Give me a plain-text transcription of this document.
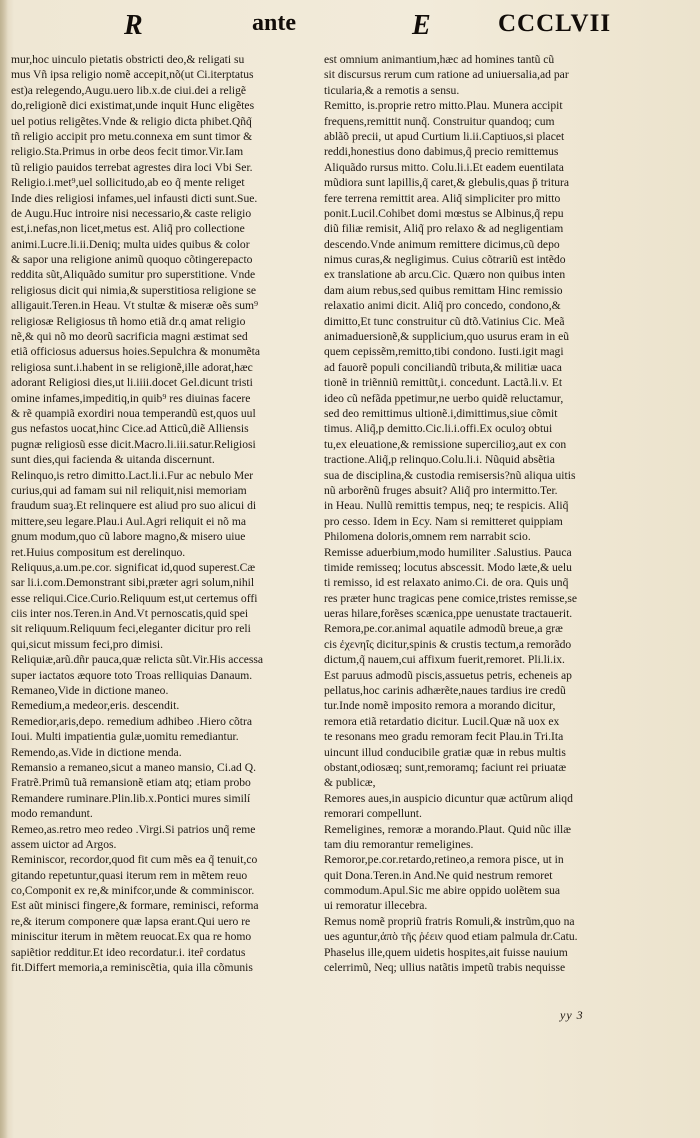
R	ante	E	CCCLVII
mur,hoc uinculo pietatis obstricti deo,& religati su
mus Vñ ipsa religio nomẽ accepit,nõ(ut Ci.iterptatus
est)a relegendo,Augu.uero lib.x.de ciui.dei a religẽ
do,religionẽ dici existimat,unde inquit Hunc eligẽtes
uel potius religẽtes.Vnde & religio dicta phibet.Qñq̃
tñ religio accipit pro metu.connexa em sunt timor &
religio.Sta.Primus in orbe deos fecit timor.Vir.Iam
tũ religio pauidos terrebat agrestes dira loci Vbi Ser.
Religio.i.met⁹,uel sollicitudo,ab eo q̃ mente religet
Inde dies religiosi infames,uel infausti dicti sunt.Sue.
de Augu.Huc introire nisi necessario,& caste religio
est,i.nefas,non licet,metus est. Aliq̃ pro collectione
animi.Lucre.li.ii.Deniq; multa uides quibus & color
& sapor una religione animũ quoquo cõtingerepacto
reddita sũt,Aliquãdo sumitur pro superstitione. Vnde
religiosus dicit qui nimia,& superstitiosa religione se
alligauit.Teren.in Heau. Vt stultæ & miseræ oẽs sum⁹
religiosæ Religiosus tñ homo etiã dr.q amat religio
nẽ,& qui nõ mo deorũ sacrificia magni æstimat sed
etiã officiosus aduersus hoies.Sepulchra & monumẽta
religiosa sunt.i.habent in se religionẽ,ille adorat,hæc
adorant Religiosi dies,ut li.iiii.docet Gel.dicunt tristi
omine infames,impeditiq,in quib⁹ res diuinas facere
& rẽ quampiã exordiri noua temperandũ est,quos uul
gus nefastos uocat,hinc Cice.ad Atticũ,diẽ Alliensis
pugnæ religiosũ esse dicit.Macro.li.iii.satur.Religiosi
sunt dies,qui facienda & uitanda discernunt.
Relinquo,is retro dimitto.Lact.li.i.Fur ac nebulo Mer
curius,qui ad famam sui nil reliquit,nisi memoriam
fraudum suaȝ.Et relinquere est aliud pro suo alicui di
mittere,seu legare.Plau.i Aul.Agri reliquit ei nõ ma
gnum modum,quo cũ labore magno,& misero uiue
ret.Huius compositum est derelinquo.
Reliquus,a.um.pe.cor. significat id,quod superest.Cæ
sar li.i.com.Demonstrant sibi,præter agri solum,nihil
esse reliqui.Cice.Curio.Reliquum est,ut certemus offi
ciis inter nos.Teren.in And.Vt pernoscatis,quid spei
sit reliquum.Reliquum feci,eleganter dicitur pro reli
qui,sicut missum feci,pro dimisi.
Reliquiæ,arũ.dñr pauca,quæ relicta sũt.Vir.His accessa
super iactatos æquore toto Troas relliquias Danaum.
Remaneo,Vide in dictione maneo.
Remedium,a medeor,eris. descendit.
Remedior,aris,depo. remedium adhibeo .Hiero cõtra
Ioui. Multi impatientia gulæ,uomitu remediantur.
Remendo,as.Vide in dictione menda.
Remansio a remaneo,sicut a maneo mansio, Ci.ad Q.
Fratrẽ.Primũ tuã remansionẽ etiam atq; etiam probo
Remandere ruminare.Plin.lib.x.Pontici mures similí
modo remandunt.
Remeo,as.retro meo redeo .Virgi.Si patrios unq̃ reme
assem uictor ad Argos.
Reminiscor, recordor,quod fit cum mẽs ea q̃ tenuit,co
gitando repetuntur,quasi iterum rem in mẽtem reuo
co,Componit ex re,& minifcor,unde & comminiscor.
Est aũt minisci fingere,& formare, reminisci, reforma
re,& iterum componere quæ lapsa erant.Qui uero re
miniscitur iterum in mẽtem reuocat.Ex qua re homo
sapiẽtior redditur.Et ideo recordatur.i. iteȓ cordatus
fit.Differt memoria,a reminiscẽtia, quia illa cõmunis
est omnium animantium,hæc ad homines tantũ cũ
sit discursus rerum cum ratione ad uniuersalia,ad par
ticularia,& a remotis a sensu.
Remitto, is.proprie retro mitto.Plau. Munera accipit
frequens,remittit nunq̃. Construitur quandoq; cum
ablãõ precii, ut apud Curtium li.ii.Captiuos,si placet
reddi,honestius dono dabimus,q̃ precio remittemus
Aliquãdo rursus mitto. Colu.li.i.Et eadem euentilata
mũdiora sunt lapillis,q̃ caret,& glebulis,quas p̃ tritura
fere terrena remittit area. Aliq̃ simpliciter pro mitto
ponit.Lucil.Cohibet domi mœstus se Albinus,q̃ repu
diũ filiæ remisit, Aliq̃ pro relaxo & ad negligentiam
descendo.Vnde animum remittere dicimus,cũ depo
nimus curas,& negligimus. Cuius cõtrariũ est intẽdo
ex translatione ab arcu.Cic. Quæro non quibus inten
dam aium rebus,sed quibus remittam Hinc remissio
relaxatio animi dicit. Aliq̃ pro concedo, condono,&
dimitto,Et tunc construitur cũ dtõ.Vatinius Cic. Meã
animaduersionẽ,& supplicium,quo usurus eram in eũ
quem cepissẽm,remitto,tibi condono. Iusti.igit magi
ad fauorẽ populi conciliandũ tributa,& militiæ uaca
tionẽ in triẽnniũ remittũt,i. concedunt. Lactã.li.v. Et
ideo cũ nefãda ppetimur,ne uerbo quidẽ reluctamur,
sed deo remittimus ultionẽ.i,dimittimus,siue cõmit
timus. Aliq̃,p demitto.Cic.li.i.offi.Ex oculoȝ obtui
tu,ex eleuatione,& remissione supercilioȝ,aut ex con
tractione.Aliq̃,p relinquo.Colu.li.i. Nũquid absẽtia
sua de disciplina,& custodia remisersis?nũ aliqua uitis
nũ arborẽnũ fruges absuit? Aliq̃ pro intermitto.Ter.
in Heau. Nullũ remittis tempus, neq; te respicis. Aliq̃
pro cesso. Idem in Ecy. Nam si remitteret quippiam
Philomena doloris,omnem rem narrabit scio.
Remisse aduerbium,modo humiliter .Salustius. Pauca
timide remisseq; locutus abscessit. Modo læte,& uelu
ti remisso, id est relaxato animo.Ci. de ora. Quis unq̃
res præter hunc tragicas pene comice,tristes remisse,se
ueras hilare,forẽses scænica,ppe uenustate tractauerit.
Remora,pe.cor.animal aquatile admodũ breue,a græ
cis ἐχενηΐς dicitur,spinis & crustis tectum,a remorãdo
dictum,q̃ nauem,cui affixum fuerit,remoret. Pli.li.ix.
Est paruus admodũ piscis,assuetus petris, echeneis ap
pellatus,hoc carinis adhærẽte,naues tardius ire credũ
tur.Inde nomẽ imposito remora a morando dicitur,
remora etiã retardatio dicitur. Lucil.Quæ nã uox ex
te resonans meo gradu remoram fecit Plau.in Tri.Ita
uincunt illud conducibile gratiæ quæ in rebus multis
obstant,odiosæq; sunt,remoramq; faciunt rei priuatæ
& publicæ,
Remores aues,in auspicio dicuntur quæ actũrum aliqd
remorari compellunt.
Remeligines, remoræ a morando.Plaut. Quid nũc illæ
tam diu remorantur remeligines.
Remoror,pe.cor.retardo,retineo,a remora pisce, ut in
quit Dona.Teren.in And.Ne quid nestrum remoret
commodum.Apul.Sic me abire oppido uolẽtem sua
ui remoratur illecebra.
Remus nomẽ propriũ fratris Romuli,& instrũm,quo na
ues aguntur,ἀπὸ τῆς ῥέειν quod etiam palmula dr.Catu.
Phaselus ille,quem uidetis hospites,ait fuisse nauium
celerrimũ, Neq; ullius natãtis impetũ trabis nequisse
yy 3
